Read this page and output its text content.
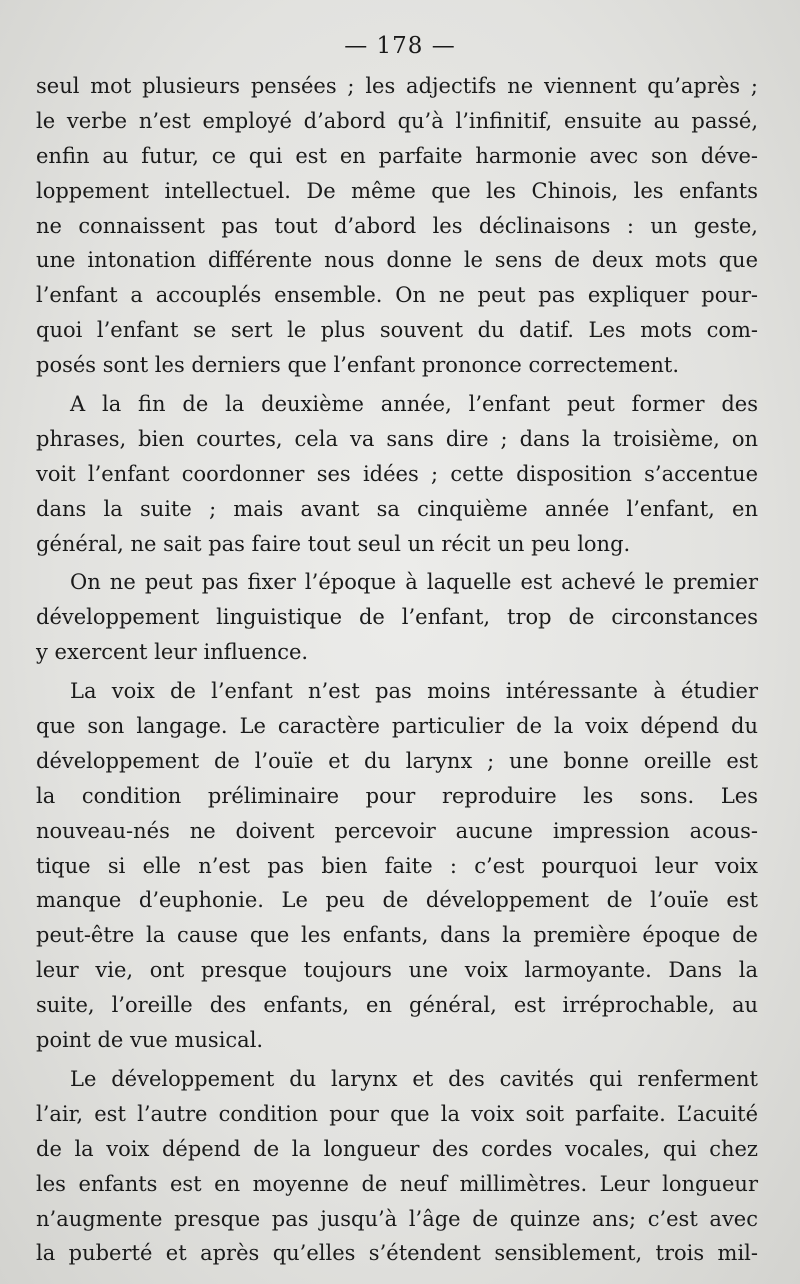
— 178 —
seul mot plusieurs pensées ; les adjectifs ne viennent qu’après ;
le verbe n’est employé d’abord qu’à l’infinitif, ensuite au passé,
enfin au futur, ce qui est en parfaite harmonie avec son déve-
loppement intellectuel. De même que les Chinois, les enfants
ne connaissent pas tout d’abord les déclinaisons : un geste,
une intonation différente nous donne le sens de deux mots que
l’enfant a accouplés ensemble. On ne peut pas expliquer pour-
quoi l’enfant se sert le plus souvent du datif. Les mots com-
posés sont les derniers que l’enfant prononce correctement.
A la fin de la deuxième année, l’enfant peut former des
phrases, bien courtes, cela va sans dire ; dans la troisième, on
voit l’enfant coordonner ses idées ; cette disposition s’accentue
dans la suite ; mais avant sa cinquième année l’enfant, en
général, ne sait pas faire tout seul un récit un peu long.
On ne peut pas fixer l’époque à laquelle est achevé le premier
développement linguistique de l’enfant, trop de circonstances
y exercent leur influence.
La voix de l’enfant n’est pas moins intéressante à étudier
que son langage. Le caractère particulier de la voix dépend du
développement de l’ouïe et du larynx ; une bonne oreille est
la condition préliminaire pour reproduire les sons. Les
nouveau-nés ne doivent percevoir aucune impression acous-
tique si elle n’est pas bien faite : c’est pourquoi leur voix
manque d’euphonie. Le peu de développement de l’ouïe est
peut-être la cause que les enfants, dans la première époque de
leur vie, ont presque toujours une voix larmoyante. Dans la
suite, l’oreille des enfants, en général, est irréprochable, au
point de vue musical.
Le développement du larynx et des cavités qui renferment
l’air, est l’autre condition pour que la voix soit parfaite. L’acuité
de la voix dépend de la longueur des cordes vocales, qui chez
les enfants est en moyenne de neuf millimètres. Leur longueur
n’augmente presque pas jusqu’à l’âge de quinze ans; c’est avec
la puberté et après qu’elles s’étendent sensiblement, trois mil-
